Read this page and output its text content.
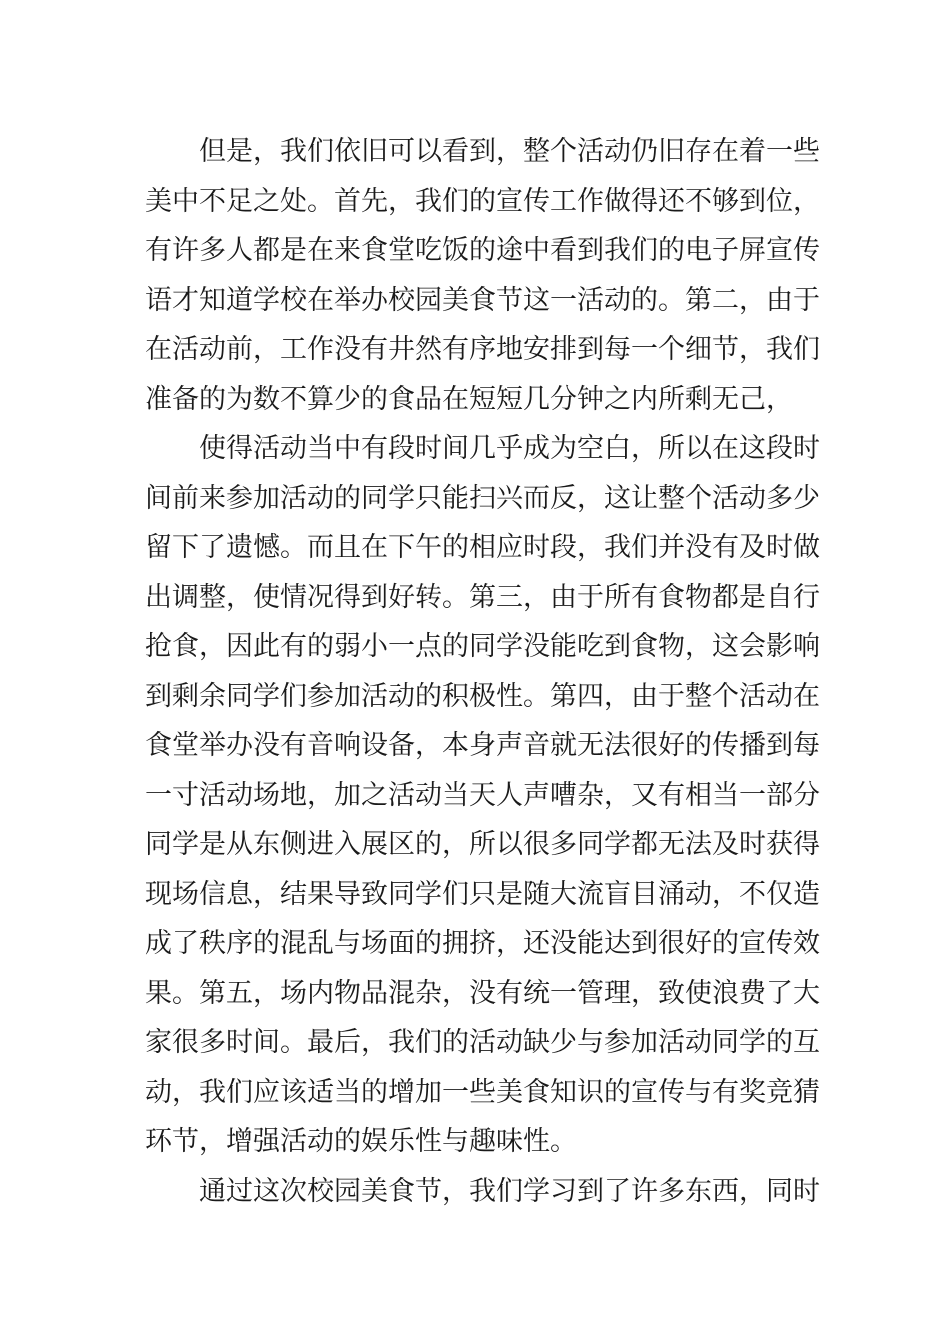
但是，我们依旧可以看到，整个活动仍旧存在着一些
美中不足之处。首先，我们的宣传工作做得还不够到位，
有许多人都是在来食堂吃饭的途中看到我们的电子屏宣传
语才知道学校在举办校园美食节这一活动的。第二，由于
在活动前，工作没有井然有序地安排到每一个细节，我们
准备的为数不算少的食品在短短几分钟之内所剩无己，
使得活动当中有段时间几乎成为空白，所以在这段时
间前来参加活动的同学只能扫兴而反，这让整个活动多少
留下了遗憾。而且在下午的相应时段，我们并没有及时做
出调整，使情况得到好转。第三，由于所有食物都是自行
抢食，因此有的弱小一点的同学没能吃到食物，这会影响
到剩余同学们参加活动的积极性。第四，由于整个活动在
食堂举办没有音响设备，本身声音就无法很好的传播到每
一寸活动场地，加之活动当天人声嘈杂，又有相当一部分
同学是从东侧进入展区的，所以很多同学都无法及时获得
现场信息，结果导致同学们只是随大流盲目涌动，不仅造
成了秩序的混乱与场面的拥挤，还没能达到很好的宣传效
果。第五，场内物品混杂，没有统一管理，致使浪费了大
家很多时间。最后，我们的活动缺少与参加活动同学的互
动，我们应该适当的增加一些美食知识的宣传与有奖竞猜
环节，增强活动的娱乐性与趣味性。
通过这次校园美食节，我们学习到了许多东西，同时
